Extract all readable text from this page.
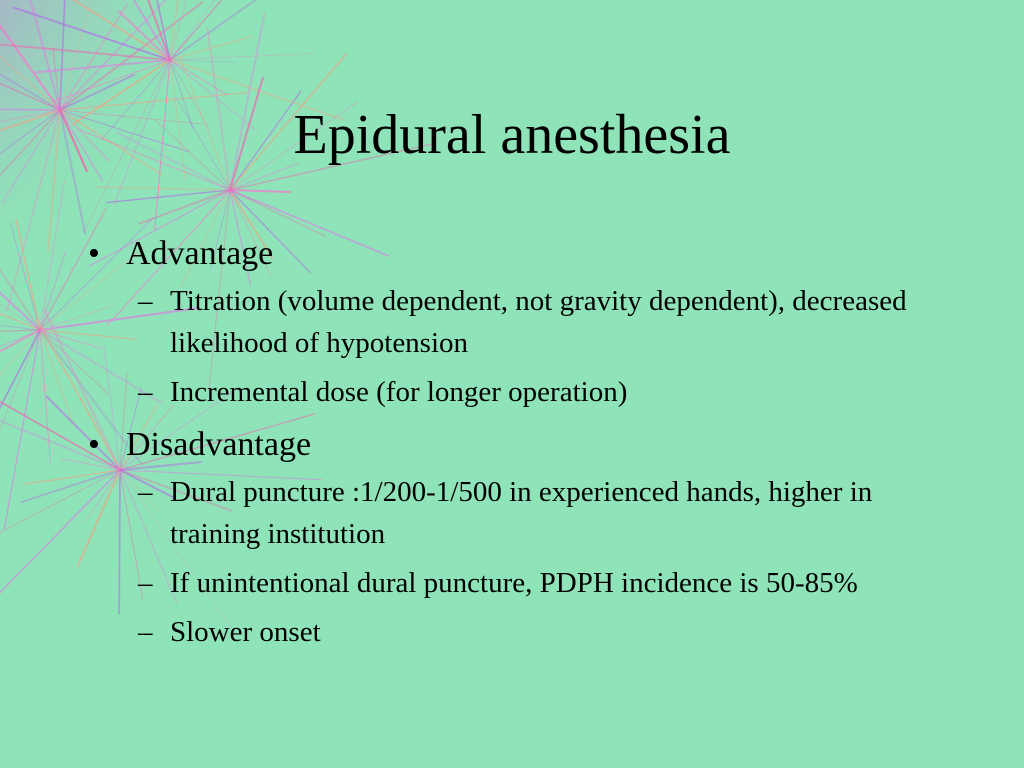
Epidural anesthesia
• Advantage
– Titration (volume dependent, not gravity dependent), decreased likelihood of hypotension
– Incremental dose (for longer operation)
• Disadvantage
– Dural puncture :1/200-1/500 in experienced hands, higher in training institution
– If unintentional dural puncture, PDPH incidence is 50-85%
– Slower onset
